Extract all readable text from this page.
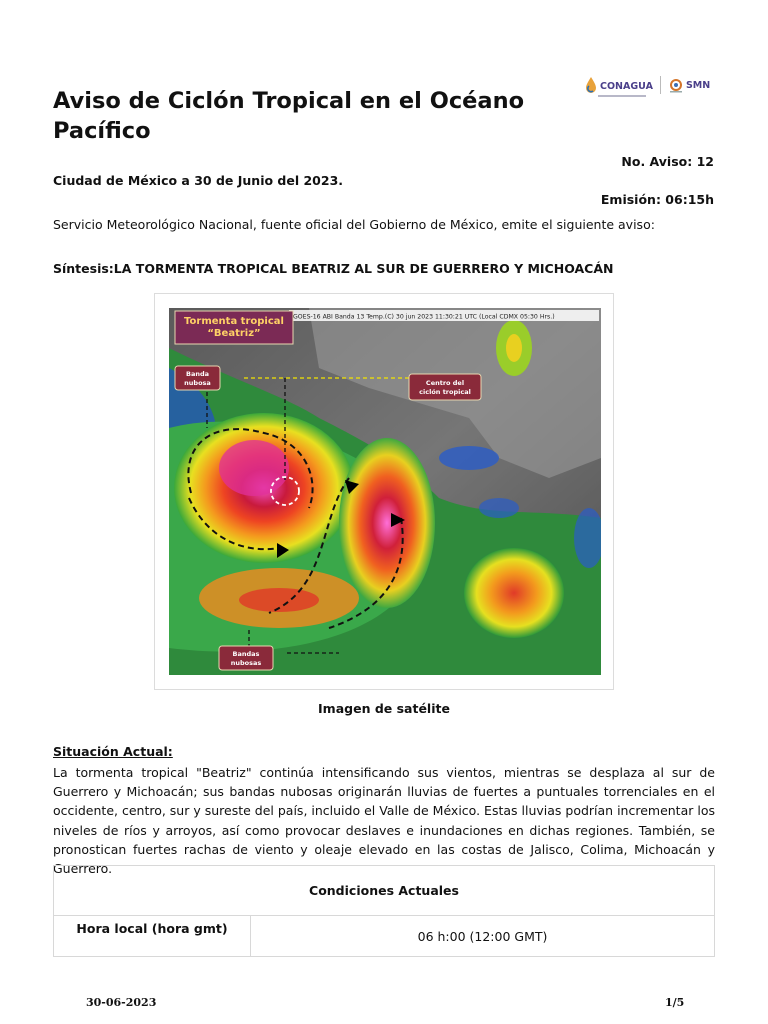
Aviso de Ciclón Tropical en el Océano Pacífico
CONAGUA	SMN
No. Aviso: 12
Ciudad de México a 30 de Junio del 2023.
Emisión: 06:15h
Servicio Meteorológico Nacional, fuente oficial del Gobierno de México, emite el siguiente aviso:
Síntesis:LA TORMENTA TROPICAL BEATRIZ AL SUR DE GUERRERO Y MICHOACÁN
GOES-16 ABI Banda 13 Temp.(C) 30 jun 2023 11:30:21 UTC (Local CDMX 05:30 Hrs.)
Tormenta tropical
“Beatriz”
Banda
nubosa	Centro del
ciclón tropical
Bandas
nubosas
Imagen de satélite
Situación Actual:
La tormenta tropical "Beatriz" continúa intensificando sus vientos, mientras se desplaza al sur de Guerrero y Michoacán; sus bandas nubosas originarán lluvias de fuertes a puntuales torrenciales en el occidente, centro, sur y sureste del país, incluido el Valle de México. Estas lluvias podrían incrementar los niveles de ríos y arroyos, así como provocar deslaves e inundaciones en dichas regiones. También, se pronostican fuertes rachas de viento y oleaje elevado en las costas de Jalisco, Colima, Michoacán y Guerrero.
Condiciones Actuales
Hora local (hora gmt)	06 h:00 (12:00 GMT)
30-06-2023	1/5
